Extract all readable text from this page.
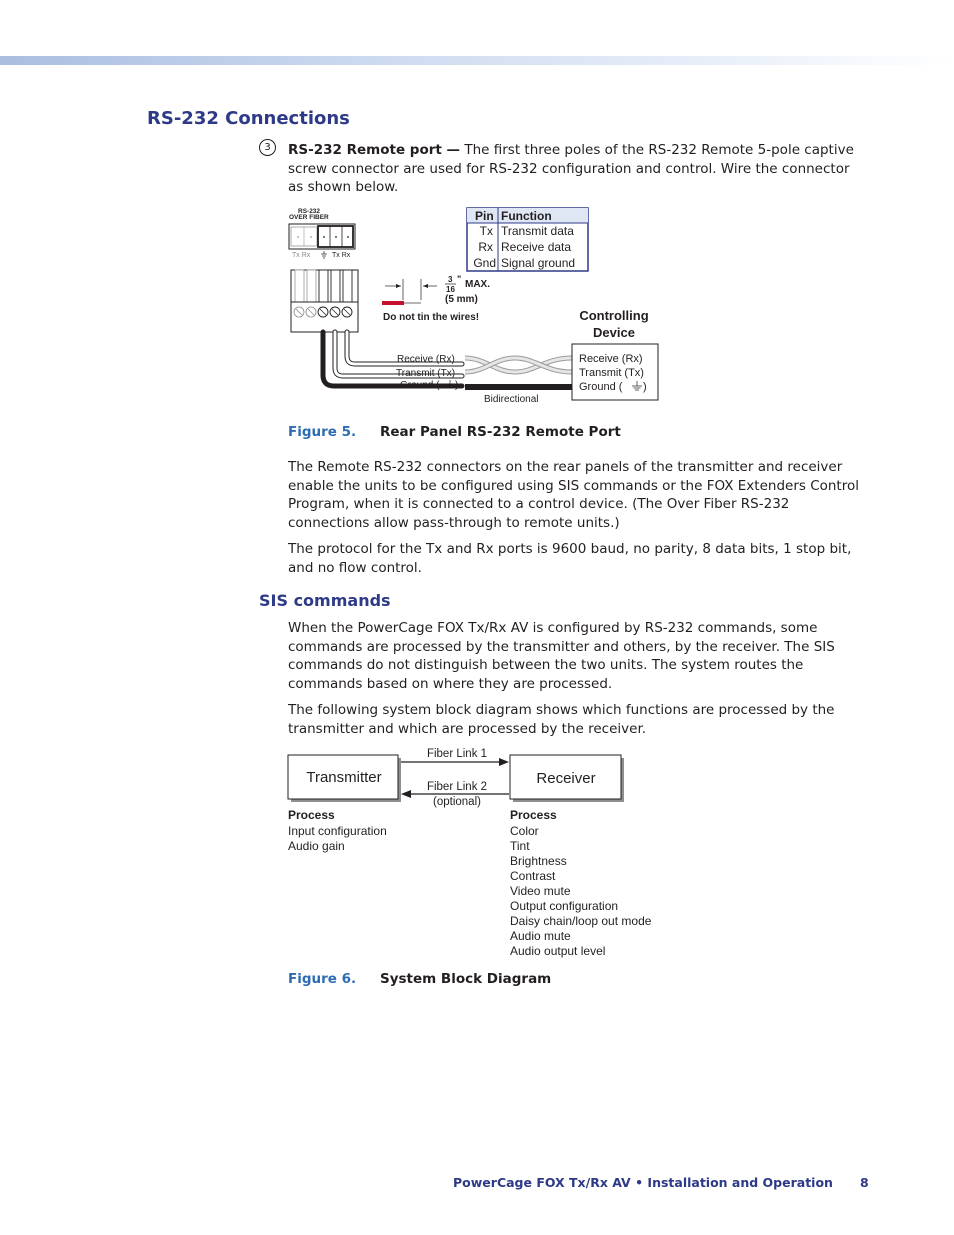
RS-232 Connections
3	RS-232 Remote port — The first three poles of the RS-232 Remote 5-pole captive screw connector are used for RS-232 configuration and control. Wire the connector as shown below.
RS-232
OVER FIBER
Tx Rx	Tx Rx
Receive (Rx)
Transmit (Tx)
Ground ( )
Bidirectional
Controlling
Device
Receive (Rx)
Transmit (Tx)
Ground ( )
Pin Function
Tx Transmit data
Rx Receive data
Gnd Signal ground
3
16
" MAX.
(5 mm)
Do not tin the wires!
Figure 5. Rear Panel RS-232 Remote Port
The Remote RS-232 connectors on the rear panels of the transmitter and receiver enable the units to be configured using SIS commands or the FOX Extenders Control Program, when it is connected to a control device. (The Over Fiber RS-232 connections allow pass-through to remote units.)
The protocol for the Tx and Rx ports is 9600 baud, no parity, 8 data bits, 1 stop bit, and no flow control.
SIS commands
When the PowerCage FOX Tx/Rx AV is configured by RS-232 commands, some commands are processed by the transmitter and others, by the receiver. The SIS commands do not distinguish between the two units. The system routes the commands based on where they are processed.
The following system block diagram shows which functions are processed by the transmitter and which are processed by the receiver.
Transmitter	Receiver
Fiber Link 1
Fiber Link 2
(optional)
Process
Input configuration
Audio gain
Process
Color
Tint
Brightness
Contrast
Video mute
Output configuration
Daisy chain/loop out mode
Audio mute
Audio output level
Figure 6. System Block Diagram
PowerCage FOX Tx/Rx AV • Installation and Operation 8
